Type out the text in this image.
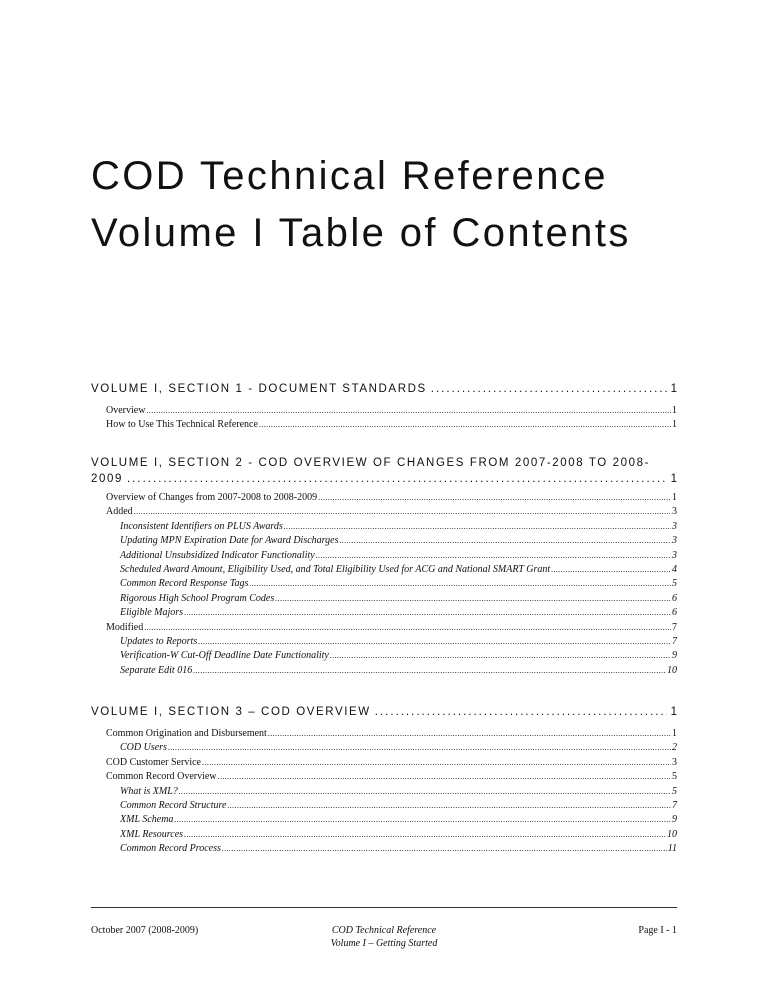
COD Technical Reference
Volume I Table of Contents
VOLUME I, SECTION 1 - DOCUMENT STANDARDS .....	1
Overview .....	1
How to Use This Technical Reference .....	1
VOLUME I, SECTION 2 - COD OVERVIEW OF CHANGES FROM 2007-2008 TO 2008-
2009 .....	1
Overview of Changes from 2007-2008 to 2008-2009 .....	1
Added .....	3
Inconsistent Identifiers on PLUS Awards .....	3
Updating MPN Expiration Date for Award Discharges .....	3
Additional Unsubsidized Indicator Functionality .....	3
Scheduled Award Amount, Eligibility Used, and Total Eligibility Used for ACG and National SMART Grant .....	4
Common Record Response Tags .....	5
Rigorous High School Program Codes .....	6
Eligible Majors .....	6
Modified .....	7
Updates to Reports .....	7
Verification-W Cut-Off Deadline Date Functionality .....	9
Separate Edit 016 .....	10
VOLUME I, SECTION 3 – COD OVERVIEW .....	1
Common Origination and Disbursement .....	1
COD Users .....	2
COD Customer Service .....	3
Common Record Overview .....	5
What is XML? .....	5
Common Record Structure .....	7
XML Schema .....	9
XML Resources .....	10
Common Record Process .....	11
October 2007 (2008-2009)	COD Technical Reference
Volume I – Getting Started
Page I - 1
